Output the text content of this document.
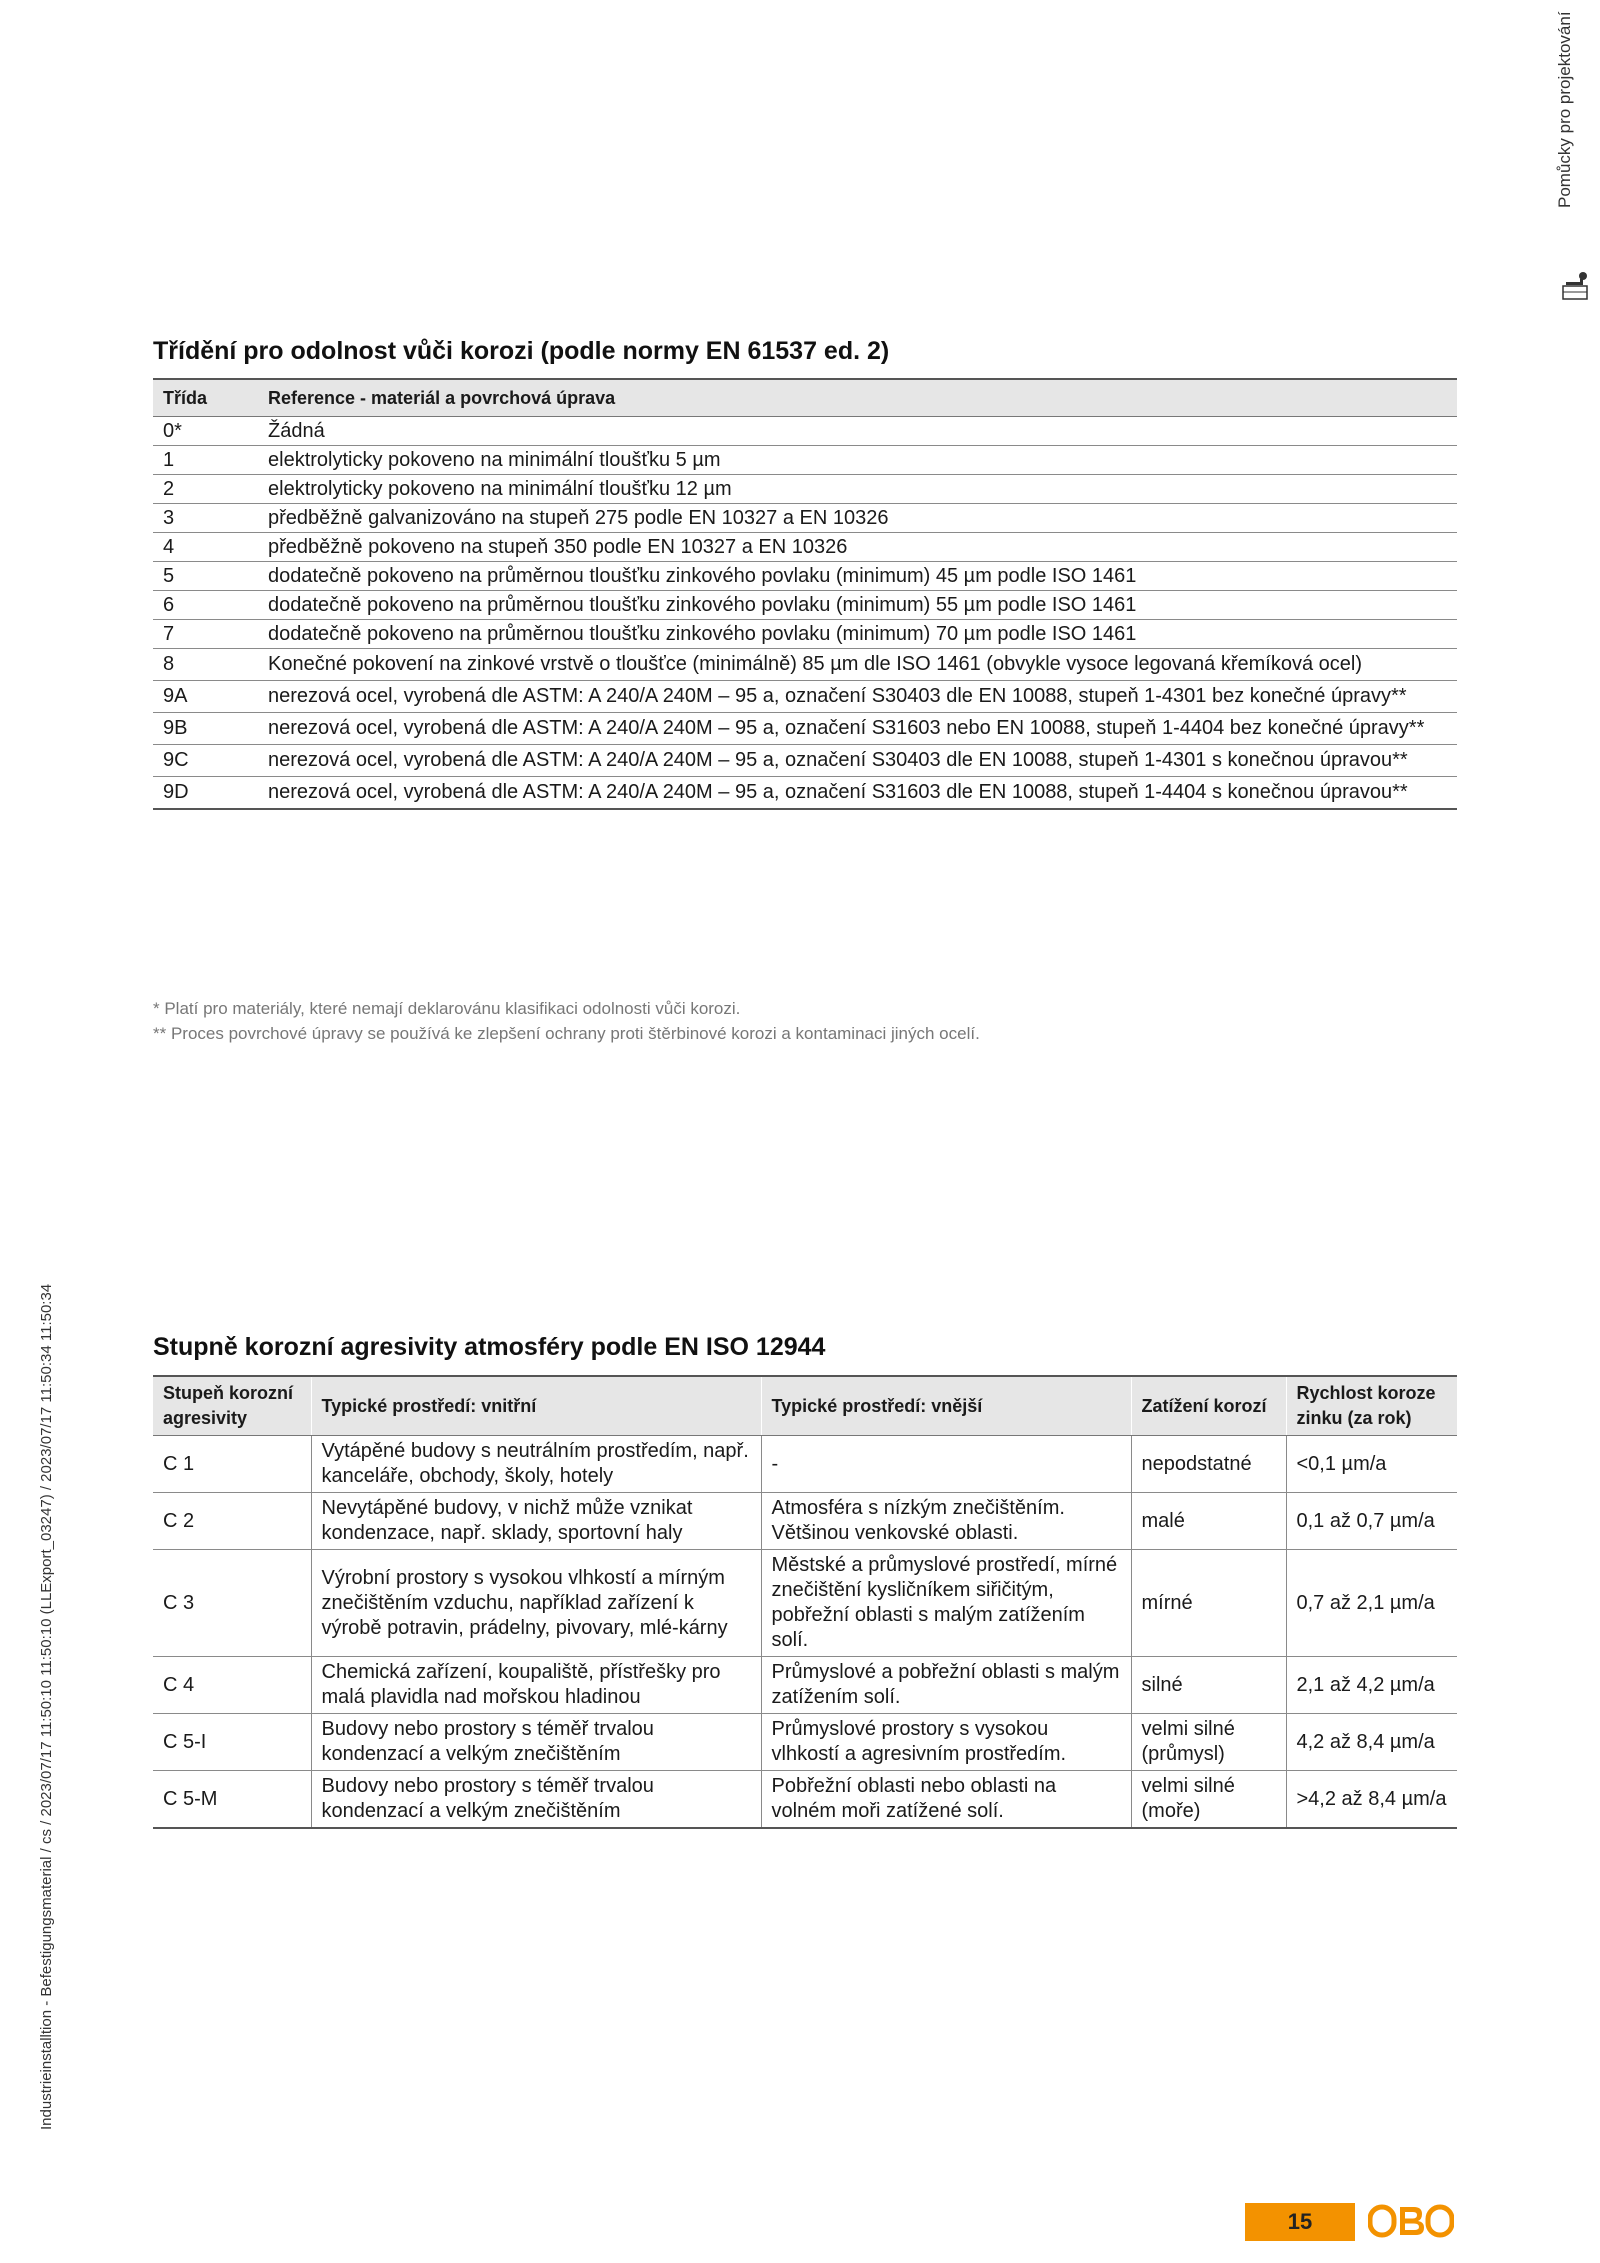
Pomůcky pro projektování
Industrieinstalltion - Befestigungsmaterial / cs / 2023/07/17 11:50:10 11:50:10 (LLExport_03247) / 2023/07/17 11:50:34 11:50:34
Třídění pro odolnost vůči korozi (podle normy EN 61537 ed. 2)
Třída	Reference - materiál a povrchová úprava
0*	Žádná
1	elektrolyticky pokoveno na minimální tloušťku 5 µm
2	elektrolyticky pokoveno na minimální tloušťku 12 µm
3	předběžně galvanizováno na stupeň 275 podle EN 10327 a EN 10326
4	předběžně pokoveno na stupeň 350 podle EN 10327 a EN 10326
5	dodatečně pokoveno na průměrnou tloušťku zinkového povlaku (minimum) 45 µm podle ISO 1461
6	dodatečně pokoveno na průměrnou tloušťku zinkového povlaku (minimum) 55 µm podle ISO 1461
7	dodatečně pokoveno na průměrnou tloušťku zinkového povlaku (minimum) 70 µm podle ISO 1461
8	Konečné pokovení na zinkové vrstvě o tloušťce (minimálně) 85 µm dle ISO 1461 (obvykle vysoce legovaná křemíková ocel)
9A	nerezová ocel, vyrobená dle ASTM: A 240/A 240M – 95 a, označení S30403 dle EN 10088, stupeň 1-4301 bez konečné úpravy**
9B	nerezová ocel, vyrobená dle ASTM: A 240/A 240M – 95 a, označení S31603 nebo EN 10088, stupeň 1-4404 bez konečné úpravy**
9C	nerezová ocel, vyrobená dle ASTM: A 240/A 240M – 95 a, označení S30403 dle EN 10088, stupeň 1-4301 s konečnou úpravou**
9D	nerezová ocel, vyrobená dle ASTM: A 240/A 240M – 95 a, označení S31603 dle EN 10088, stupeň 1-4404 s konečnou úpravou**
* Platí pro materiály, které nemají deklarovánu klasifikaci odolnosti vůči korozi.
** Proces povrchové úpravy se používá ke zlepšení ochrany proti štěrbinové korozi a kontaminaci jiných ocelí.
Stupně korozní agresivity atmosféry podle EN ISO 12944
Stupeň korozní agresivity	Typické prostředí: vnitřní	Typické prostředí: vnější	Zatížení korozí	Rychlost koroze zinku (za rok)
C 1	Vytápěné budovy s neutrálním prostředím, např. kanceláře, obchody, školy, hotely	-	nepodstatné	<0,1 µm/a
C 2	Nevytápěné budovy, v nichž může vznikat kondenzace, např. sklady, sportovní haly	Atmosféra s nízkým znečištěním. Většinou venkovské oblasti.	malé	0,1 až 0,7 µm/a
C 3	Výrobní prostory s vysokou vlhkostí a mírným znečištěním vzduchu, například zařízení k výrobě potravin, prádelny, pivovary, mlé-kárny	Městské a průmyslové prostředí, mírné znečištění kysličníkem siřičitým, pobřežní oblasti s malým zatížením solí.	mírné	0,7 až 2,1 µm/a
C 4	Chemická zařízení, koupaliště, přístřešky pro malá plavidla nad mořskou hladinou	Průmyslové a pobřežní oblasti s malým zatížením solí.	silné	2,1 až 4,2 µm/a
C 5-I	Budovy nebo prostory s téměř trvalou kondenzací a velkým znečištěním	Průmyslové prostory s vysokou vlhkostí a agresivním prostředím.	velmi silné (průmysl)	4,2 až 8,4 µm/a
C 5-M	Budovy nebo prostory s téměř trvalou kondenzací a velkým znečištěním	Pobřežní oblasti nebo oblasti na volném moři zatížené solí.	velmi silné (moře)	>4,2 až 8,4 µm/a
15
